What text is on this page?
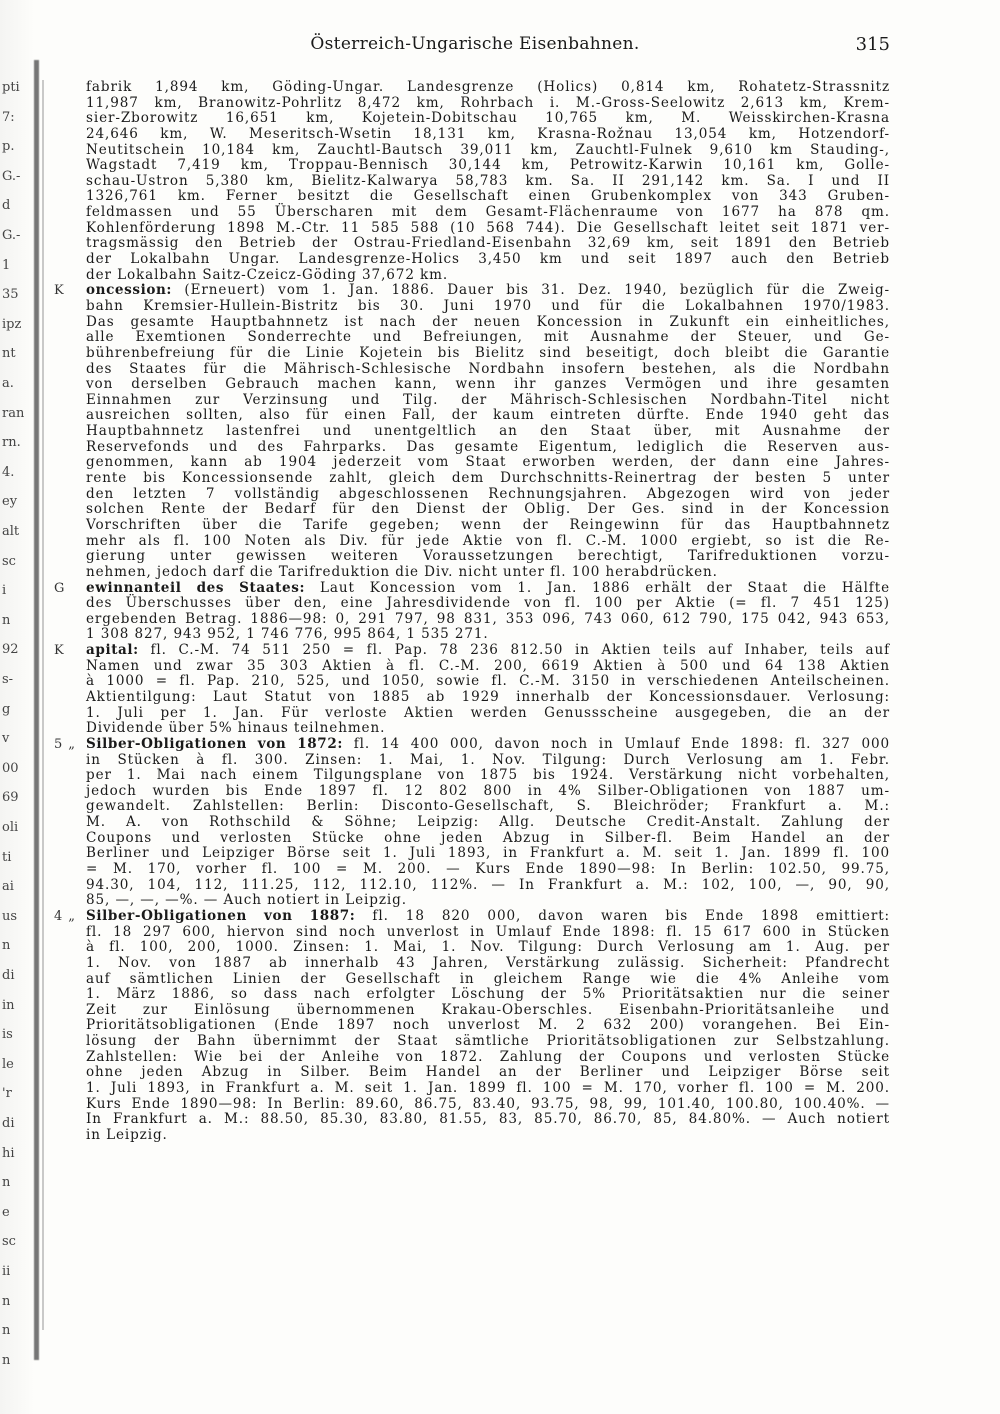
pti
7:
p.
G.-
d
G.-
1
35
ipz
nt
a.
ran
rn.
4.
ey
alt
sc
i
n
92
s-
g
v
00
69
oli
ti
ai
us
n
di
in
is
le
'r
di
hi
n
e
sc
ii
n
n
n
Österreich-Ungarische Eisenbahnen.	315
fabrik 1,894 km, Göding-Ungar. Landesgrenze (Holics) 0,814 km, Rohatetz-Strassnitz
11,987 km, Branowitz-Pohrlitz 8,472 km, Rohrbach i. M.-Gross-Seelowitz 2,613 km, Krem-
sier-Zborowitz 16,651 km, Kojetein-Dobitschau 10,765 km, M. Weisskirchen-Krasna
24,646 km, W. Meseritsch-Wsetin 18,131 km, Krasna-Rožnau 13,054 km, Hotzendorf-
Neutitschein 10,184 km, Zauchtl-Bautsch 39,011 km, Zauchtl-Fulnek 9,610 km Stauding-,
Wagstadt 7,419 km, Troppau-Bennisch 30,144 km, Petrowitz-Karwin 10,161 km, Golle-
schau-Ustron 5,380 km, Bielitz-Kalwarya 58,783 km. Sa. II 291,142 km. Sa. I und II
1326,761 km. Ferner besitzt die Gesellschaft einen Grubenkomplex von 343 Gruben-
feldmassen und 55 Überscharen mit dem Gesamt-Flächenraume von 1677 ha 878 qm.
Kohlenförderung 1898 M.-Ctr. 11 585 588 (10 568 744). Die Gesellschaft leitet seit 1871 ver-
tragsmässig den Betrieb der Ostrau-Friedland-Eisenbahn 32,69 km, seit 1891 den Betrieb
der Lokalbahn Ungar. Landesgrenze-Holics 3,450 km und seit 1897 auch den Betrieb
der Lokalbahn Saitz-Czeicz-Göding 37,672 km.
K oncession: (Erneuert) vom 1. Jan. 1886. Dauer bis 31. Dez. 1940, bezüglich für die Zweig-
bahn Kremsier-Hullein-Bistritz bis 30. Juni 1970 und für die Lokalbahnen 1970/1983.
Das gesamte Hauptbahnnetz ist nach der neuen Koncession in Zukunft ein einheitliches,
alle Exemtionen Sonderrechte und Befreiungen, mit Ausnahme der Steuer, und Ge-
bührenbefreiung für die Linie Kojetein bis Bielitz sind beseitigt, doch bleibt die Garantie
des Staates für die Mährisch-Schlesische Nordbahn insofern bestehen, als die Nordbahn
von derselben Gebrauch machen kann, wenn ihr ganzes Vermögen und ihre gesamten
Einnahmen zur Verzinsung und Tilg. der Mährisch-Schlesischen Nordbahn-Titel nicht
ausreichen sollten, also für einen Fall, der kaum eintreten dürfte. Ende 1940 geht das
Hauptbahnnetz lastenfrei und unentgeltlich an den Staat über, mit Ausnahme der
Reservefonds und des Fahrparks. Das gesamte Eigentum, lediglich die Reserven aus-
genommen, kann ab 1904 jederzeit vom Staat erworben werden, der dann eine Jahres-
rente bis Koncessionsende zahlt, gleich dem Durchschnitts-Reinertrag der besten 5 unter
den letzten 7 vollständig abgeschlossenen Rechnungsjahren. Abgezogen wird von jeder
solchen Rente der Bedarf für den Dienst der Oblig. Der Ges. sind in der Koncession
Vorschriften über die Tarife gegeben; wenn der Reingewinn für das Hauptbahnnetz
mehr als fl. 100 Noten als Div. für jede Aktie von fl. C.-M. 1000 ergiebt, so ist die Re-
gierung unter gewissen weiteren Voraussetzungen berechtigt, Tarifreduktionen vorzu-
nehmen, jedoch darf die Tarifreduktion die Div. nicht unter fl. 100 herabdrücken.
G ewinnanteil des Staates: Laut Koncession vom 1. Jan. 1886 erhält der Staat die Hälfte
des Überschusses über den, eine Jahresdividende von fl. 100 per Aktie (= fl. 7 451 125)
ergebenden Betrag. 1886—98: 0, 291 797, 98 831, 353 096, 743 060, 612 790, 175 042, 943 653,
1 308 827, 943 952, 1 746 776, 995 864, 1 535 271.
K apital: fl. C.-M. 74 511 250 = fl. Pap. 78 236 812.50 in Aktien teils auf Inhaber, teils auf
Namen und zwar 35 303 Aktien à fl. C.-M. 200, 6619 Aktien à 500 und 64 138 Aktien
à 1000 = fl. Pap. 210, 525, und 1050, sowie fl. C.-M. 3150 in verschiedenen Anteilscheinen.
Aktientilgung: Laut Statut von 1885 ab 1929 innerhalb der Koncessionsdauer. Verlosung:
1. Juli per 1. Jan. Für verloste Aktien werden Genussscheine ausgegeben, die an der
Dividende über 5% hinaus teilnehmen.
5 „ Silber-Obligationen von 1872: fl. 14 400 000, davon noch in Umlauf Ende 1898: fl. 327 000
in Stücken à fl. 300. Zinsen: 1. Mai, 1. Nov. Tilgung: Durch Verlosung am 1. Febr.
per 1. Mai nach einem Tilgungsplane von 1875 bis 1924. Verstärkung nicht vorbehalten,
jedoch wurden bis Ende 1897 fl. 12 802 800 in 4% Silber-Obligationen von 1887 um-
gewandelt. Zahlstellen: Berlin: Disconto-Gesellschaft, S. Bleichröder; Frankfurt a. M.:
M. A. von Rothschild & Söhne; Leipzig: Allg. Deutsche Credit-Anstalt. Zahlung der
Coupons und verlosten Stücke ohne jeden Abzug in Silber-fl. Beim Handel an der
Berliner und Leipziger Börse seit 1. Juli 1893, in Frankfurt a. M. seit 1. Jan. 1899 fl. 100
= M. 170, vorher fl. 100 = M. 200. — Kurs Ende 1890—98: In Berlin: 102.50, 99.75,
94.30, 104, 112, 111.25, 112, 112.10, 112%. — In Frankfurt a. M.: 102, 100, —, 90, 90,
85, —, —, —%. — Auch notiert in Leipzig.
4 „ Silber-Obligationen von 1887: fl. 18 820 000, davon waren bis Ende 1898 emittiert:
fl. 18 297 600, hiervon sind noch unverlost in Umlauf Ende 1898: fl. 15 617 600 in Stücken
à fl. 100, 200, 1000. Zinsen: 1. Mai, 1. Nov. Tilgung: Durch Verlosung am 1. Aug. per
1. Nov. von 1887 ab innerhalb 43 Jahren, Verstärkung zulässig. Sicherheit: Pfandrecht
auf sämtlichen Linien der Gesellschaft in gleichem Range wie die 4% Anleihe vom
1. März 1886, so dass nach erfolgter Löschung der 5% Prioritätsaktien nur die seiner
Zeit zur Einlösung übernommenen Krakau-Oberschles. Eisenbahn-Prioritätsanleihe und
Prioritätsobligationen (Ende 1897 noch unverlost M. 2 632 200) vorangehen. Bei Ein-
lösung der Bahn übernimmt der Staat sämtliche Prioritätsobligationen zur Selbstzahlung.
Zahlstellen: Wie bei der Anleihe von 1872. Zahlung der Coupons und verlosten Stücke
ohne jeden Abzug in Silber. Beim Handel an der Berliner und Leipziger Börse seit
1. Juli 1893, in Frankfurt a. M. seit 1. Jan. 1899 fl. 100 = M. 170, vorher fl. 100 = M. 200.
Kurs Ende 1890—98: In Berlin: 89.60, 86.75, 83.40, 93.75, 98, 99, 101.40, 100.80, 100.40%. —
In Frankfurt a. M.: 88.50, 85.30, 83.80, 81.55, 83, 85.70, 86.70, 85, 84.80%. — Auch notiert
in Leipzig.
